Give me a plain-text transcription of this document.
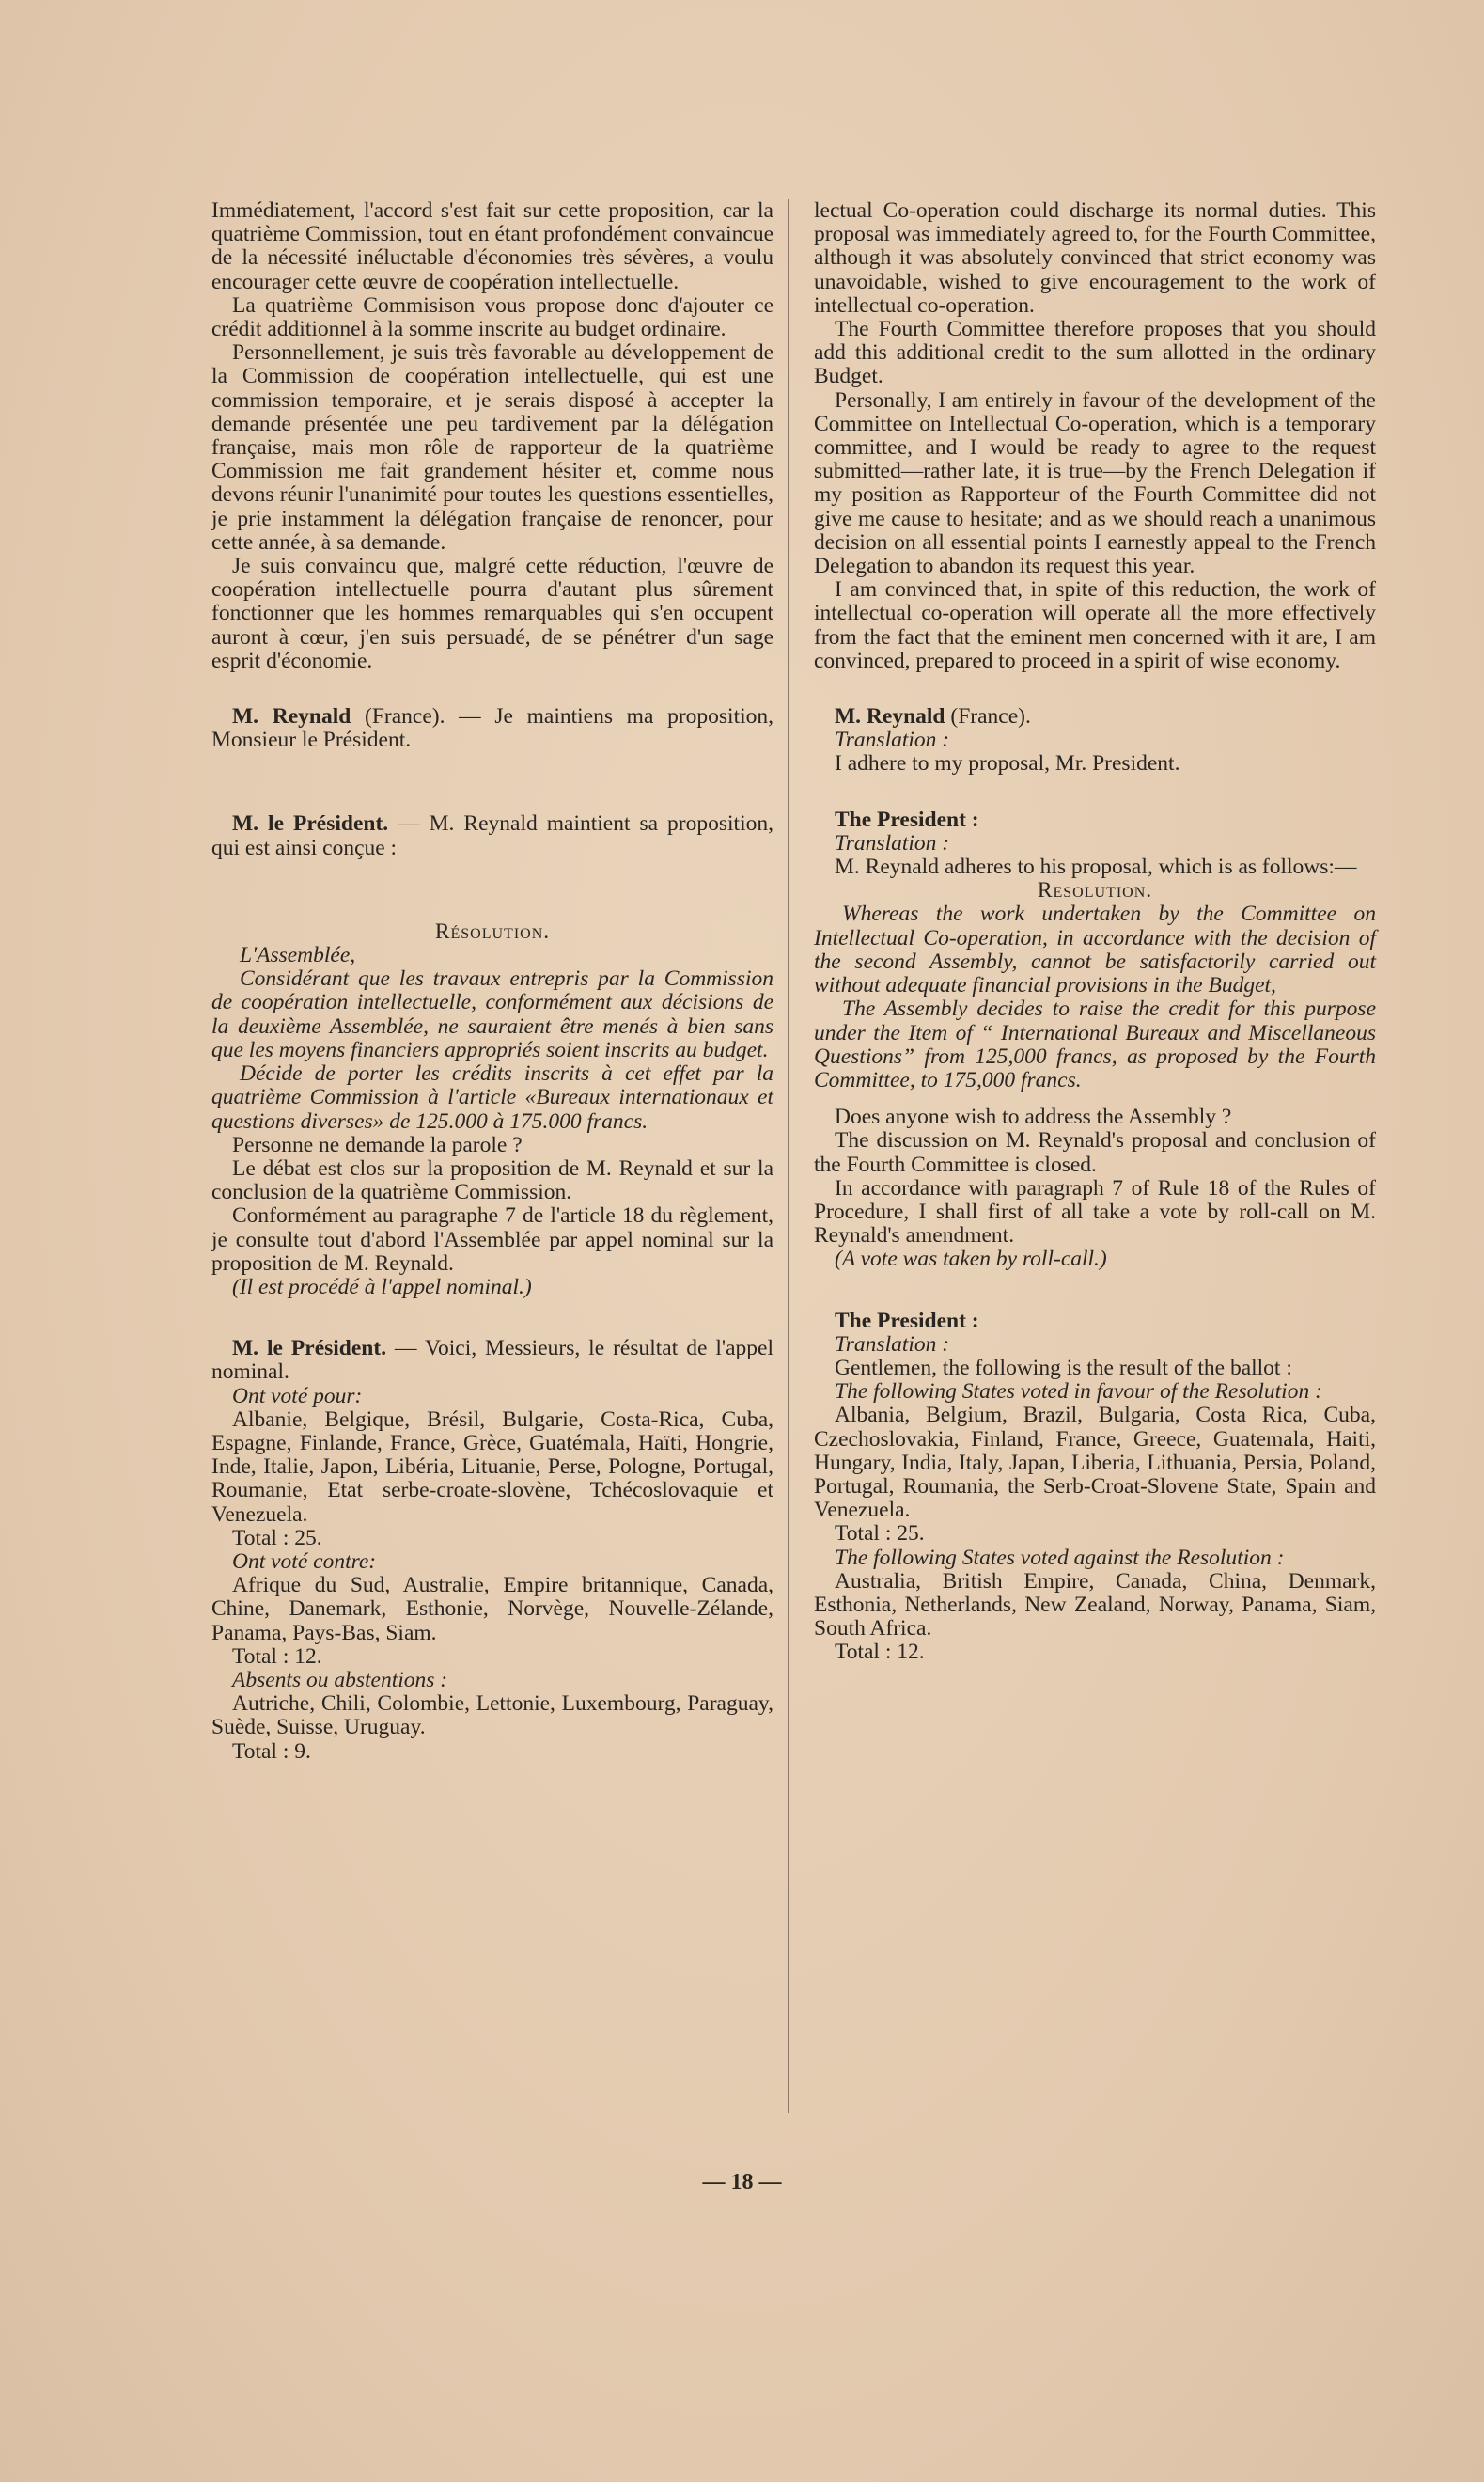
Immédiatement, l'accord s'est fait sur cette proposition, car la quatrième Commission, tout en étant profondément convaincue de la nécessité inéluctable d'économies très sévères, a voulu encourager cette œuvre de coopération intellectuelle.

La quatrième Commisison vous propose donc d'ajouter ce crédit additionnel à la somme inscrite au budget ordinaire.

Personnellement, je suis très favorable au développement de la Commission de coopération intellectuelle, qui est une commission temporaire, et je serais disposé à accepter la demande présentée une peu tardivement par la délégation française, mais mon rôle de rapporteur de la quatrième Commission me fait grandement hésiter et, comme nous devons réunir l'unanimité pour toutes les questions essentielles, je prie instamment la délégation française de renoncer, pour cette année, à sa demande.

Je suis convaincu que, malgré cette réduction, l'œuvre de coopération intellectuelle pourra d'autant plus sûrement fonctionner que les hommes remarquables qui s'en occupent auront à cœur, j'en suis persuadé, de se pénétrer d'un sage esprit d'économie.

M. Reynald (France). — Je maintiens ma proposition, Monsieur le Président.

M. le Président. — M. Reynald maintient sa proposition, qui est ainsi conçue :

Résolution.

L'Assemblée,

Considérant que les travaux entrepris par la Commission de coopération intellectuelle, conformément aux décisions de la deuxième Assemblée, ne sauraient être menés à bien sans que les moyens financiers appropriés soient inscrits au budget.

Décide de porter les crédits inscrits à cet effet par la quatrième Commission à l'article «Bureaux internationaux et questions diverses» de 125.000 à 175.000 francs.

Personne ne demande la parole ?

Le débat est clos sur la proposition de M. Reynald et sur la conclusion de la quatrième Commission.

Conformément au paragraphe 7 de l'article 18 du règlement, je consulte tout d'abord l'Assemblée par appel nominal sur la proposition de M. Reynald.

(Il est procédé à l'appel nominal.)

M. le Président. — Voici, Messieurs, le résultat de l'appel nominal.

Ont voté pour:

Albanie, Belgique, Brésil, Bulgarie, Costa-Rica, Cuba, Espagne, Finlande, France, Grèce, Guatémala, Haïti, Hongrie, Inde, Italie, Japon, Libéria, Lituanie, Perse, Pologne, Portugal, Roumanie, Etat serbe-croate-slovène, Tchécoslovaquie et Venezuela.

Total : 25.

Ont voté contre:

Afrique du Sud, Australie, Empire britannique, Canada, Chine, Danemark, Esthonie, Norvège, Nouvelle-Zélande, Panama, Pays-Bas, Siam.

Total : 12.

Absents ou abstentions :

Autriche, Chili, Colombie, Lettonie, Luxembourg, Paraguay, Suède, Suisse, Uruguay.

Total : 9.

lectual Co-operation could discharge its normal duties. This proposal was immediately agreed to, for the Fourth Committee, although it was absolutely convinced that strict economy was unavoidable, wished to give encouragement to the work of intellectual co-operation.

The Fourth Committee therefore proposes that you should add this additional credit to the sum allotted in the ordinary Budget.

Personally, I am entirely in favour of the development of the Committee on Intellectual Co-operation, which is a temporary committee, and I would be ready to agree to the request submitted—rather late, it is true—by the French Delegation if my position as Rapporteur of the Fourth Committee did not give me cause to hesitate; and as we should reach a unanimous decision on all essential points I earnestly appeal to the French Delegation to abandon its request this year.

I am convinced that, in spite of this reduction, the work of intellectual co-operation will operate all the more effectively from the fact that the eminent men concerned with it are, I am convinced, prepared to proceed in a spirit of wise economy.

M. Reynald (France).

Translation :

I adhere to my proposal, Mr. President.

The President :

Translation :

M. Reynald adheres to his proposal, which is as follows:—

Resolution.

Whereas the work undertaken by the Committee on Intellectual Co-operation, in accordance with the decision of the second Assembly, cannot be satisfactorily carried out without adequate financial provisions in the Budget,

The Assembly decides to raise the credit for this purpose under the Item of “ International Bureaux and Miscellaneous Questions” from 125,000 francs, as proposed by the Fourth Committee, to 175,000 francs.

Does anyone wish to address the Assembly ?

The discussion on M. Reynald's proposal and conclusion of the Fourth Committee is closed.

In accordance with paragraph 7 of Rule 18 of the Rules of Procedure, I shall first of all take a vote by roll-call on M. Reynald's amendment.

(A vote was taken by roll-call.)

The President :

Translation :

Gentlemen, the following is the result of the ballot :

The following States voted in favour of the Resolution :

Albania, Belgium, Brazil, Bulgaria, Costa Rica, Cuba, Czechoslovakia, Finland, France, Greece, Guatemala, Haiti, Hungary, India, Italy, Japan, Liberia, Lithuania, Persia, Poland, Portugal, Roumania, the Serb-Croat-Slovene State, Spain and Venezuela.

Total : 25.

The following States voted against the Resolution :

Australia, British Empire, Canada, China, Denmark, Esthonia, Netherlands, New Zealand, Norway, Panama, Siam, South Africa.

Total : 12.

— 18 —
